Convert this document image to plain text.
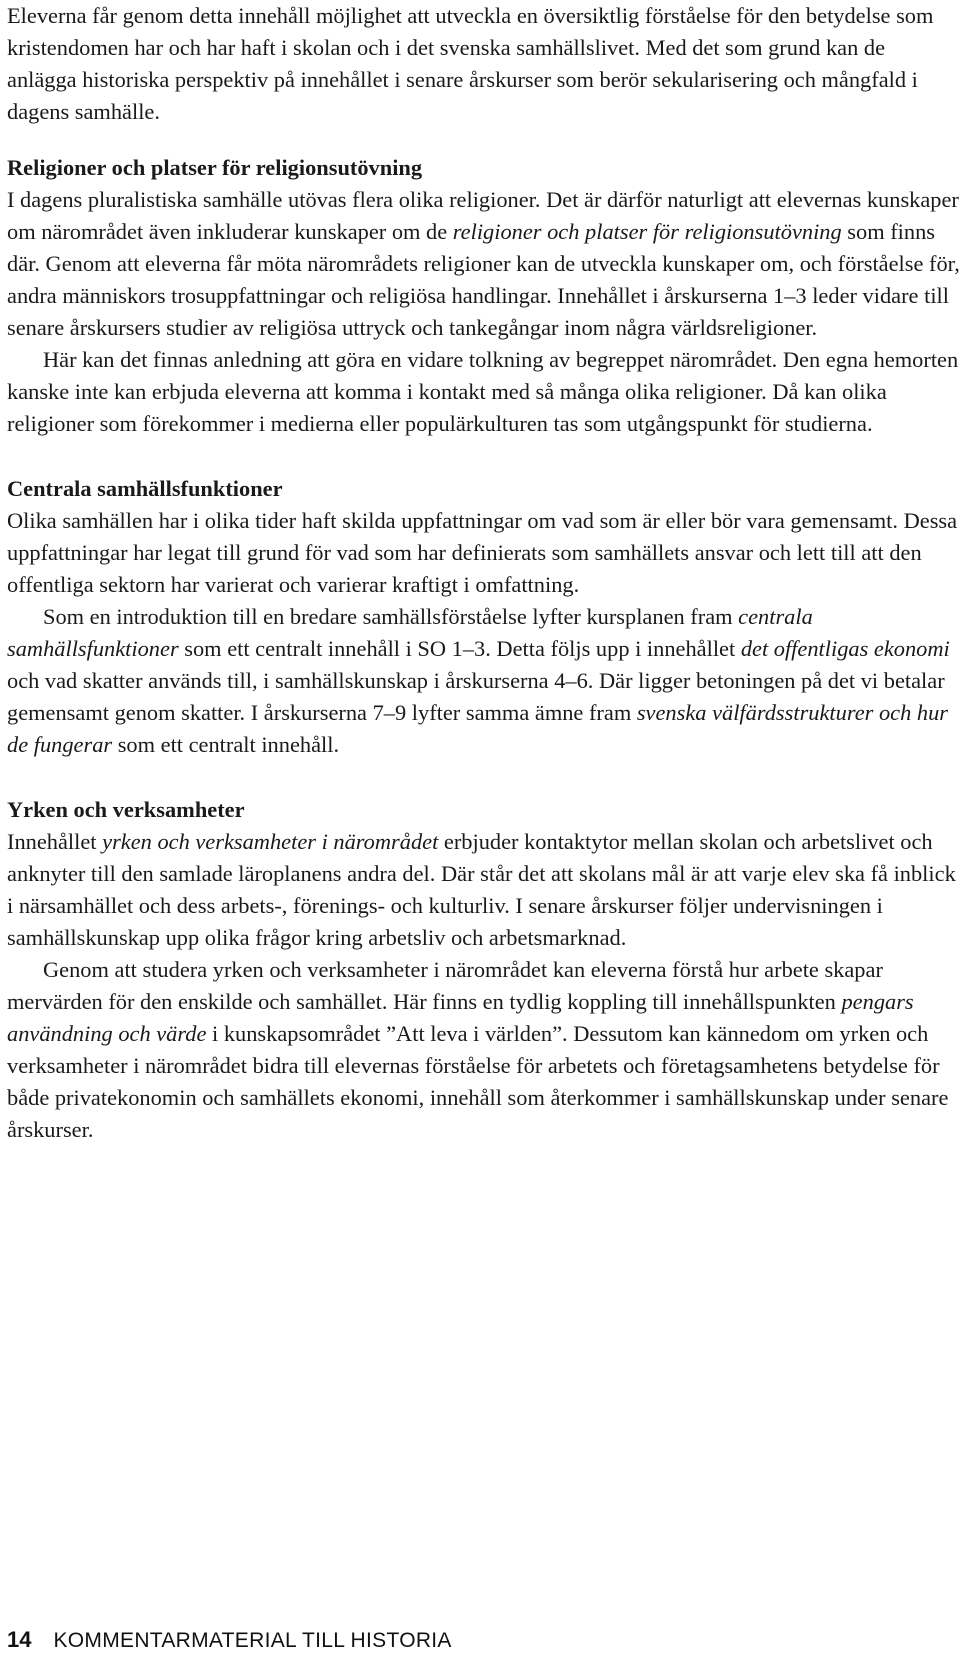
Eleverna får genom detta innehåll möjlighet att utveckla en översiktlig förståelse för den betydelse som kristendomen har och har haft i skolan och i det svenska samhällslivet. Med det som grund kan de anlägga historiska perspektiv på innehållet i senare årskurser som berör sekularisering och mångfald i dagens samhälle.

Religioner och platser för religionsutövning

I dagens pluralistiska samhälle utövas flera olika religioner. Det är därför naturligt att elevernas kunskaper om närområdet även inkluderar kunskaper om de religioner och platser för religionsutövning som finns där. Genom att eleverna får möta närområdets religioner kan de utveckla kunskaper om, och förståelse för, andra människors trosuppfattningar och religiösa handlingar. Innehållet i årskurserna 1–3 leder vidare till senare årskursers studier av religiösa uttryck och tankegångar inom några världsreligioner.

Här kan det finnas anledning att göra en vidare tolkning av begreppet närområdet. Den egna hemorten kanske inte kan erbjuda eleverna att komma i kontakt med så många olika religioner. Då kan olika religioner som förekommer i medierna eller populärkulturen tas som utgångspunkt för studierna.

Centrala samhällsfunktioner

Olika samhällen har i olika tider haft skilda uppfattningar om vad som är eller bör vara gemensamt. Dessa uppfattningar har legat till grund för vad som har definierats som samhällets ansvar och lett till att den offentliga sektorn har varierat och varierar kraftigt i omfattning.

Som en introduktion till en bredare samhällsförståelse lyfter kursplanen fram centrala samhällsfunktioner som ett centralt innehåll i SO 1–3. Detta följs upp i innehållet det offentligas ekonomi och vad skatter används till, i samhällskunskap i årskurserna 4–6. Där ligger betoningen på det vi betalar gemensamt genom skatter. I årskurserna 7–9 lyfter samma ämne fram svenska välfärdsstrukturer och hur de fungerar som ett centralt innehåll.

Yrken och verksamheter

Innehållet yrken och verksamheter i närområdet erbjuder kontaktytor mellan skolan och arbetslivet och anknyter till den samlade läroplanens andra del. Där står det att skolans mål är att varje elev ska få inblick i närsamhället och dess arbets-, förenings- och kulturliv. I senare årskurser följer undervisningen i samhällskunskap upp olika frågor kring arbetsliv och arbetsmarknad.

Genom att studera yrken och verksamheter i närområdet kan eleverna förstå hur arbete skapar mervärden för den enskilde och samhället. Här finns en tydlig koppling till innehållspunkten pengars användning och värde i kunskapsområdet ”Att leva i världen”. Dessutom kan kännedom om yrken och verksamheter i närområdet bidra till elevernas förståelse för arbetets och företagsamhetens betydelse för både privatekonomin och samhällets ekonomi, innehåll som återkommer i samhällskunskap under senare årskurser.

14 KOMMENTARMATERIAL TILL HISTORIA
